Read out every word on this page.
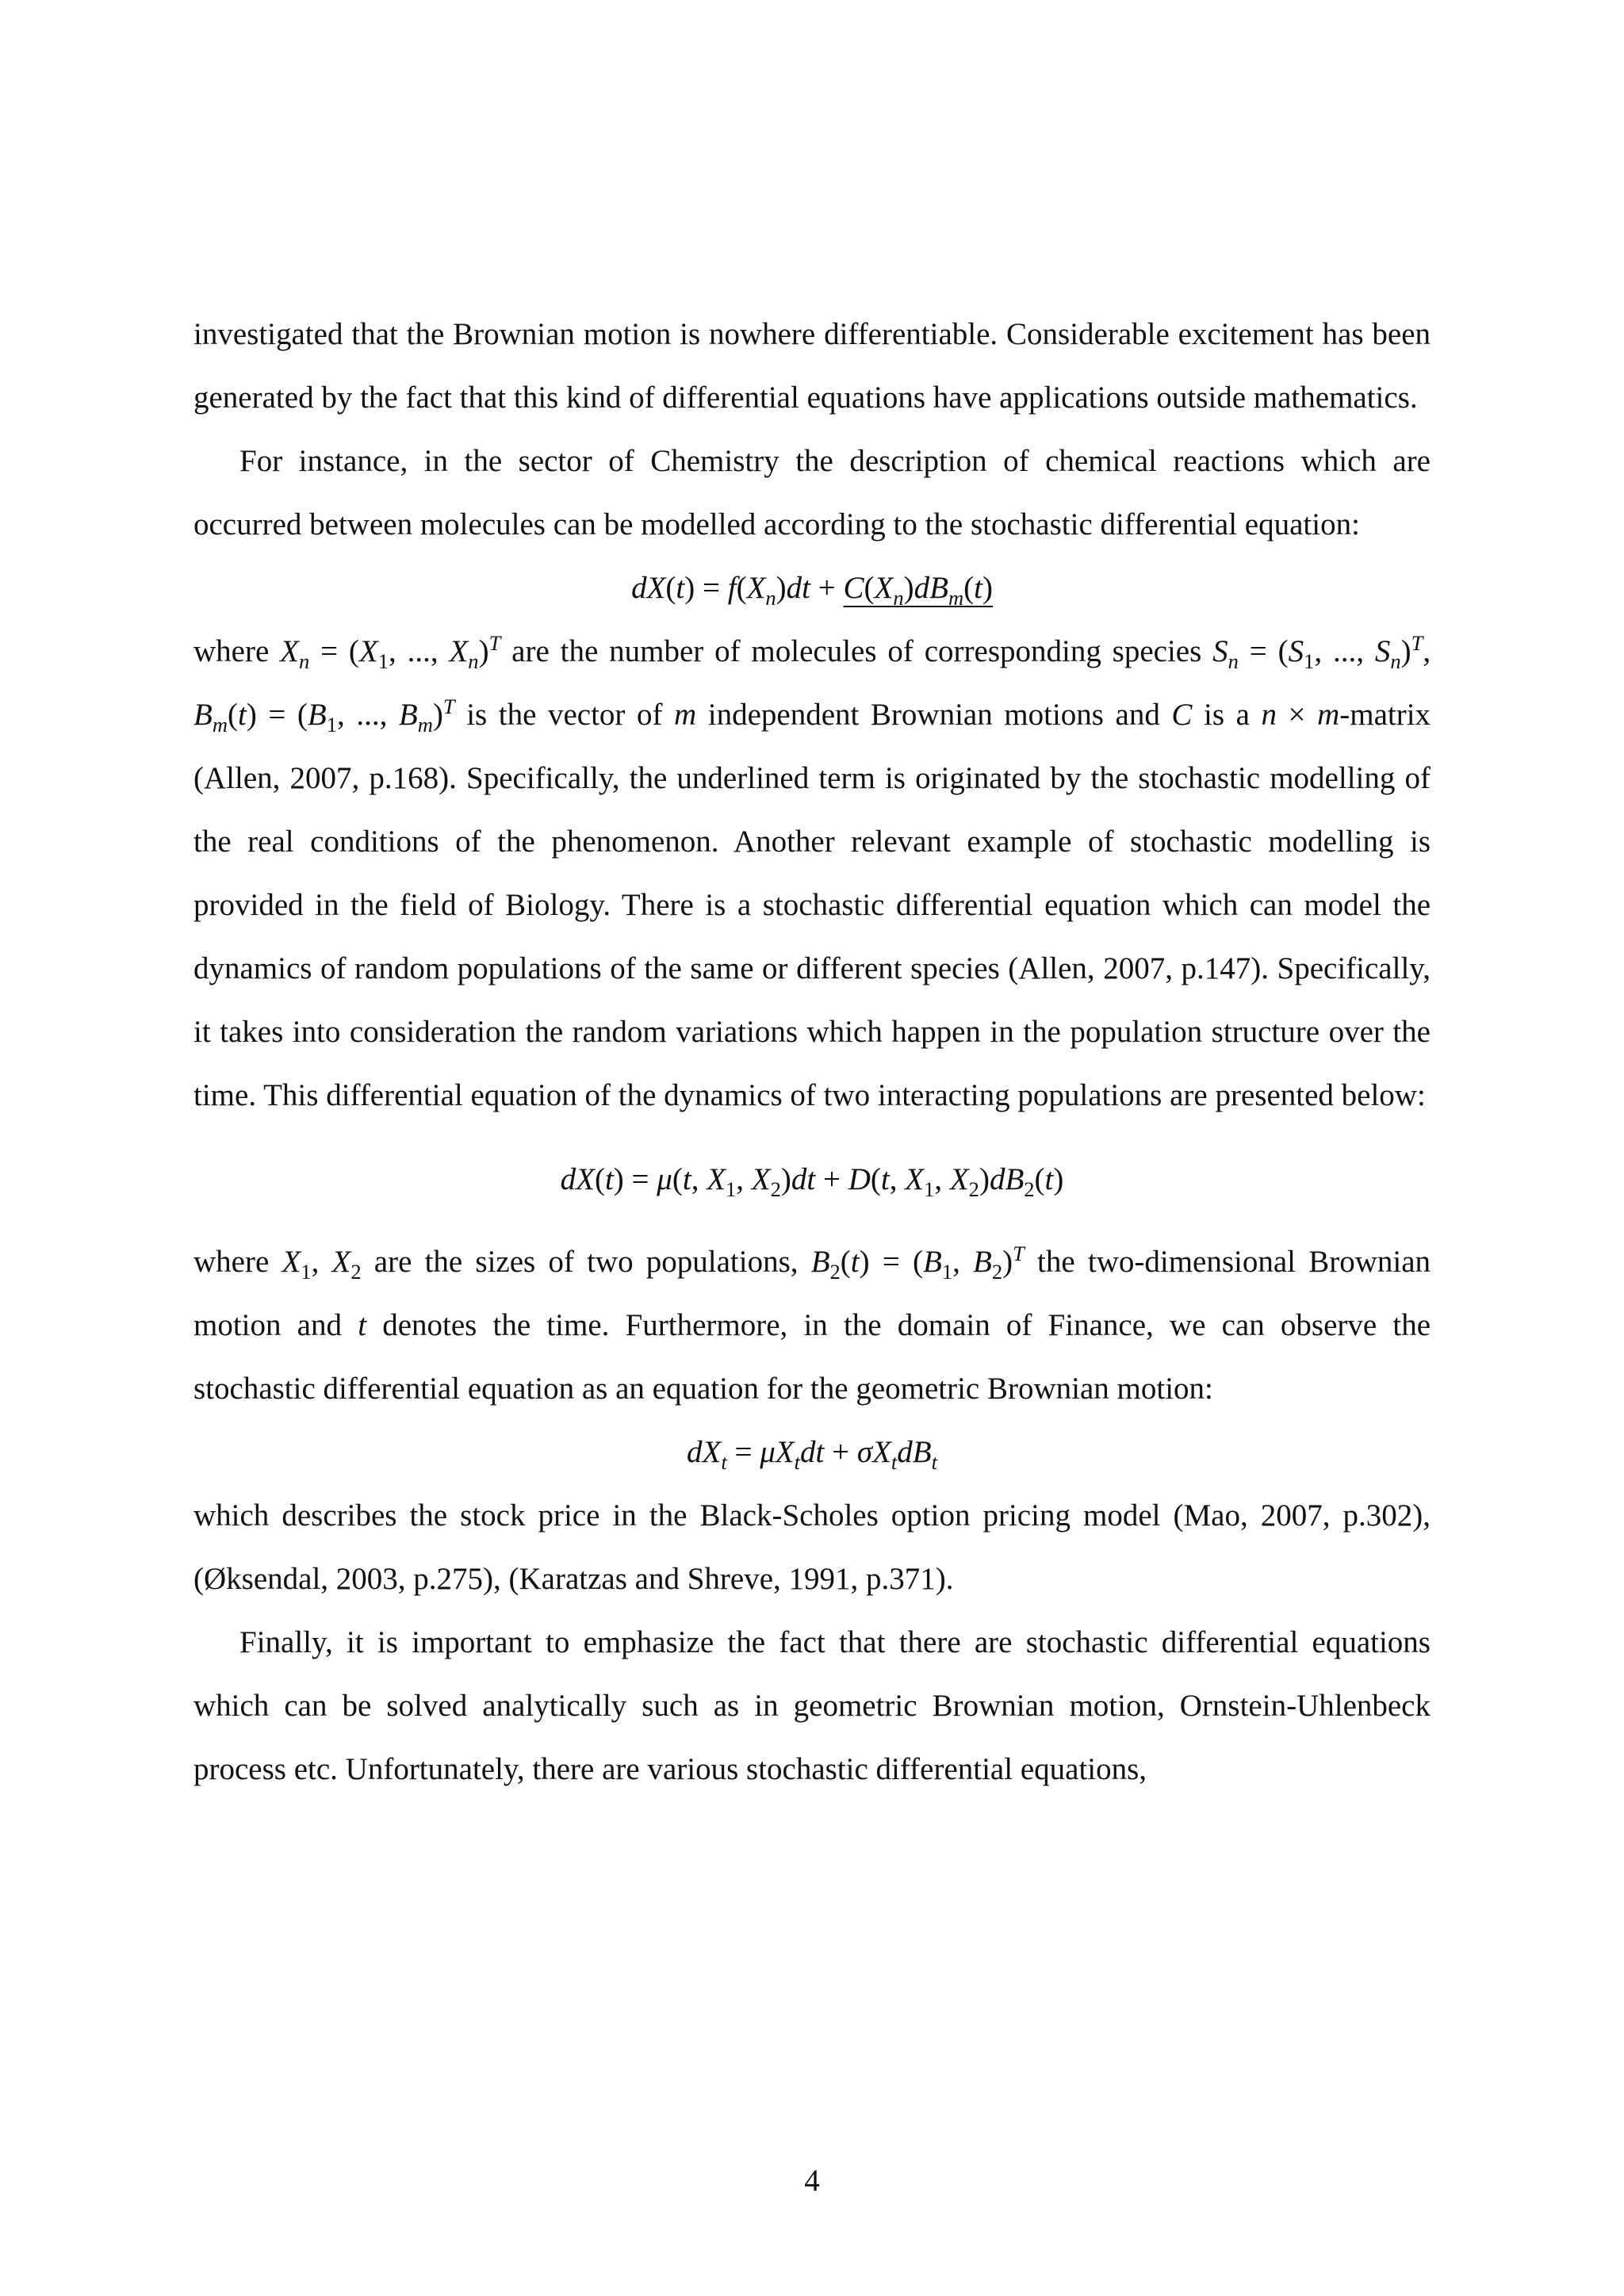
investigated that the Brownian motion is nowhere differentiable. Considerable excitement has been generated by the fact that this kind of differential equations have applications outside mathematics.

For instance, in the sector of Chemistry the description of chemical reactions which are occurred between molecules can be modelled according to the stochastic differential equation:

$dX(t) = f(X_n)dt + C(X_n)dB_m(t)$

where $X_n = (X_1$, ..., $X_n)^T$ are the number of molecules of corresponding species $S_n = (S_1$, ..., $S_n)^T$, $B_m(t) = (B_1$, ..., $B_m)^T$ is the vector of m independent Brownian motions and C is a n × m-matrix (Allen, 2007, p.168). Specifically, the underlined term is originated by the stochastic modelling of the real conditions of the phenomenon. Another relevant example of stochastic modelling is provided in the field of Biology. There is a stochastic differential equation which can model the dynamics of random populations of the same or different species (Allen, 2007, p.147). Specifically, it takes into consideration the random variations which happen in the population structure over the time. This differential equation of the dynamics of two interacting populations are presented below:

dX(t) = μ(t, $X_1$, $X_2)dt + D(t$, $X_1$, $X_2)dB_2(t)$

where $X_1$, $X_2$ are the sizes of two populations, $B_2(t) = (B_1$, $B_2)^T$ the two-dimensional Brownian motion and t denotes the time. Furthermore, in the domain of Finance, we can observe the stochastic differential equation as an equation for the geometric Brownian motion:

$dX_t = \mu X_tdt + \sigma X_tdB_t$

which describes the stock price in the Black-Scholes option pricing model (Mao, 2007, p.302), (Øksendal, 2003, p.275), (Karatzas and Shreve, 1991, p.371).

Finally, it is important to emphasize the fact that there are stochastic differential equations which can be solved analytically such as in geometric Brownian motion, Ornstein-Uhlenbeck process etc. Unfortunately, there are various stochastic differential equations,

4
